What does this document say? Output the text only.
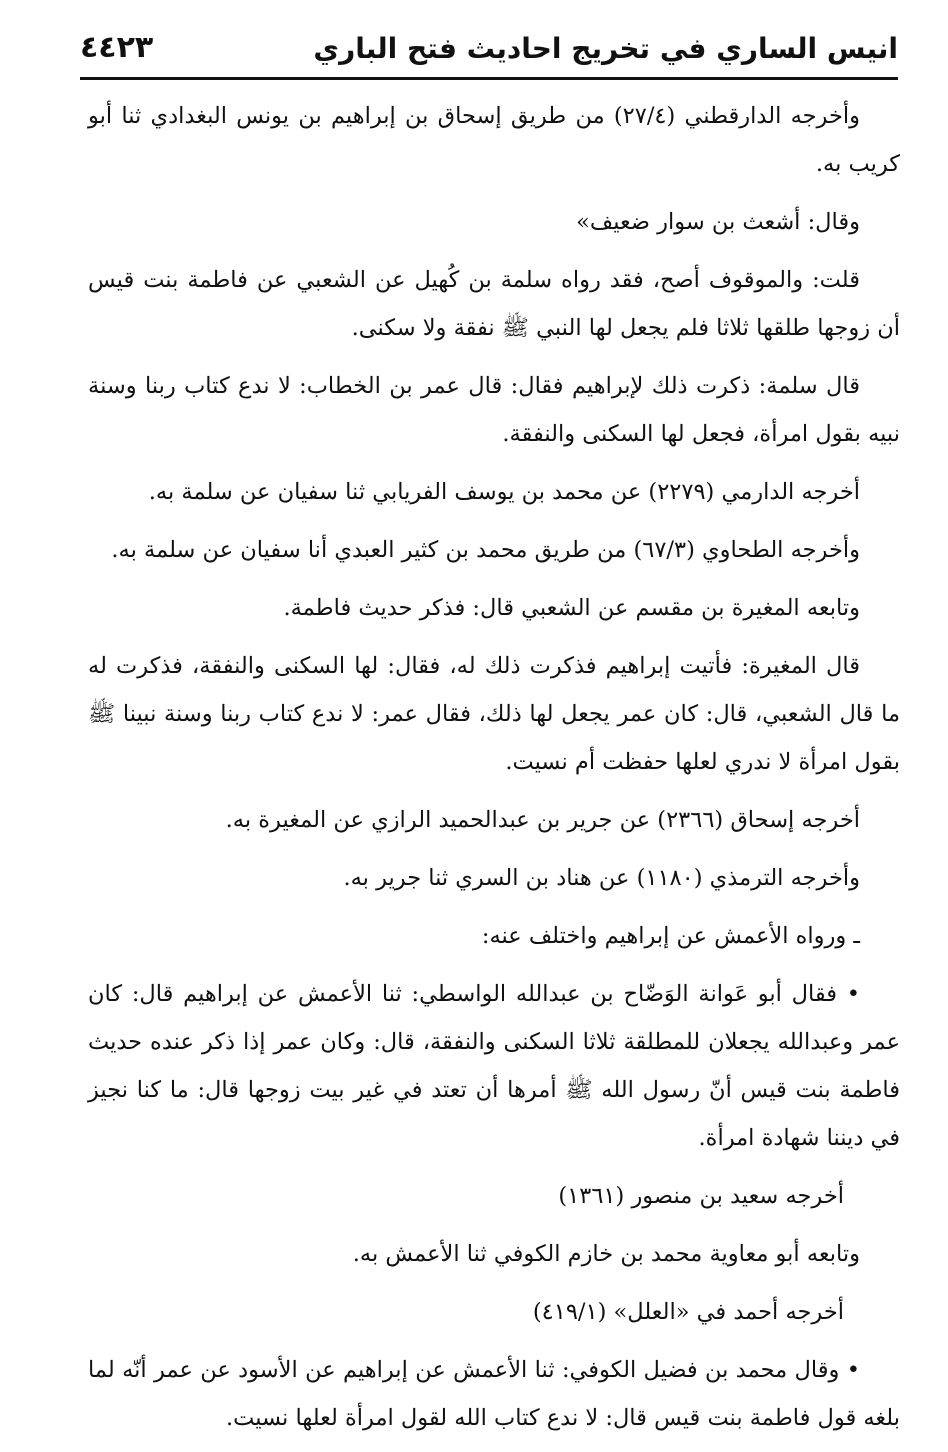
انيس الساري في تخريج احاديث فتح الباري
٤٤٢٣

وأخرجه الدارقطني (٢٧/٤) من طريق إسحاق بن إبراهيم بن يونس البغدادي ثنا أبو كريب به.

وقال: أشعث بن سوار ضعيف»

قلت: والموقوف أصح، فقد رواه سلمة بن كُهيل عن الشعبي عن فاطمة بنت قيس أن زوجها طلقها ثلاثا فلم يجعل لها النبي ﷺ نفقة ولا سكنى.

قال سلمة: ذكرت ذلك لإبراهيم فقال: قال عمر بن الخطاب: لا ندع كتاب ربنا وسنة نبيه بقول امرأة، فجعل لها السكنى والنفقة.

أخرجه الدارمي (٢٢٧٩) عن محمد بن يوسف الفريابي ثنا سفيان عن سلمة به.

وأخرجه الطحاوي (٦٧/٣) من طريق محمد بن كثير العبدي أنا سفيان عن سلمة به.

وتابعه المغيرة بن مقسم عن الشعبي قال: فذكر حديث فاطمة.

قال المغيرة: فأتيت إبراهيم فذكرت ذلك له، فقال: لها السكنى والنفقة، فذكرت له ما قال الشعبي، قال: كان عمر يجعل لها ذلك، فقال عمر: لا ندع كتاب ربنا وسنة نبينا ﷺ بقول امرأة لا ندري لعلها حفظت أم نسيت.

أخرجه إسحاق (٢٣٦٦) عن جرير بن عبدالحميد الرازي عن المغيرة به.

وأخرجه الترمذي (١١٨٠) عن هناد بن السري ثنا جرير به.

ـ ورواه الأعمش عن إبراهيم واختلف عنه:

• فقال أبو عَوانة الوَضّاح بن عبدالله الواسطي: ثنا الأعمش عن إبراهيم قال: كان عمر وعبدالله يجعلان للمطلقة ثلاثا السكنى والنفقة، قال: وكان عمر إذا ذكر عنده حديث فاطمة بنت قيس أنّ رسول الله ﷺ أمرها أن تعتد في غير بيت زوجها قال: ما كنا نجيز في ديننا شهادة امرأة.

أخرجه سعيد بن منصور (١٣٦١)

وتابعه أبو معاوية محمد بن خازم الكوفي ثنا الأعمش به.

أخرجه أحمد في «العلل» (٤١٩/١)

• وقال محمد بن فضيل الكوفي: ثنا الأعمش عن إبراهيم عن الأسود عن عمر أنّه لما بلغه قول فاطمة بنت قيس قال: لا ندع كتاب الله لقول امرأة لعلها نسيت.
